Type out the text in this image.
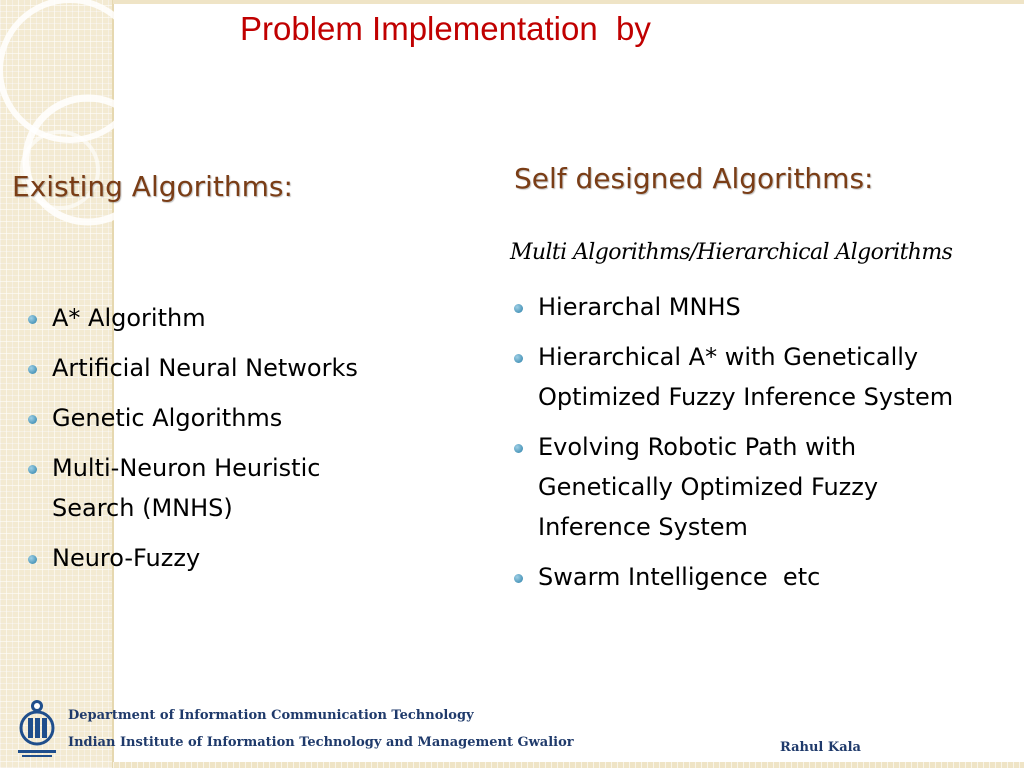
Problem Implementation  by
Existing Algorithms:	Self designed Algorithms:
Multi Algorithms/Hierarchical Algorithms
A* Algorithm
Artificial Neural Networks
Genetic Algorithms
Multi-Neuron Heuristic Search (MNHS)
Neuro-Fuzzy
Hierarchal MNHS
Hierarchical A* with Genetically Optimized Fuzzy Inference System
Evolving Robotic Path with Genetically Optimized Fuzzy Inference System
Swarm Intelligence  etc
Department of Information Communication Technology
Indian Institute of Information Technology and Management Gwalior	Rahul Kala
